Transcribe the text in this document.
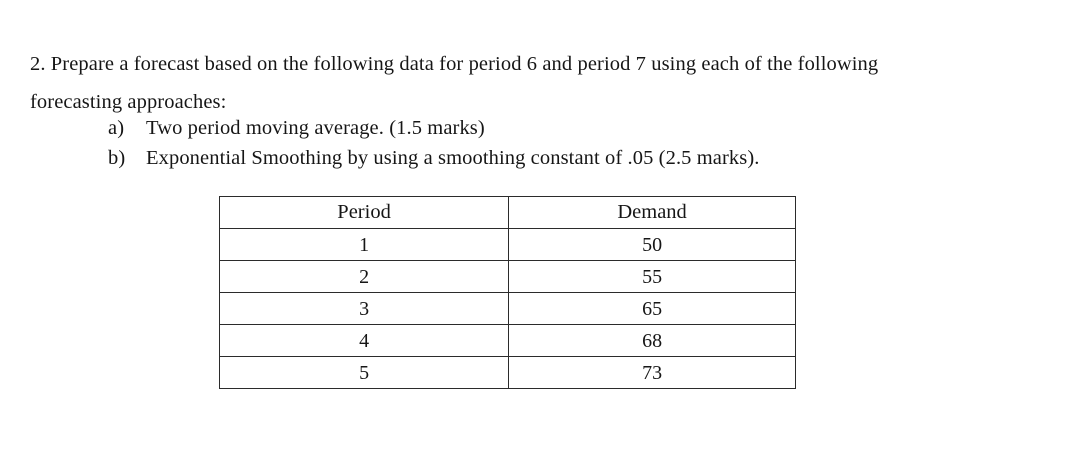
2. Prepare a forecast based on the following data for period 6 and period 7 using each of the following forecasting approaches:

a)	Two period moving average. (1.5 marks)
b)	Exponential Smoothing by using a smoothing constant of .05 (2.5 marks).
Period	Demand
1	50
2	55
3	65
4	68
5	73
